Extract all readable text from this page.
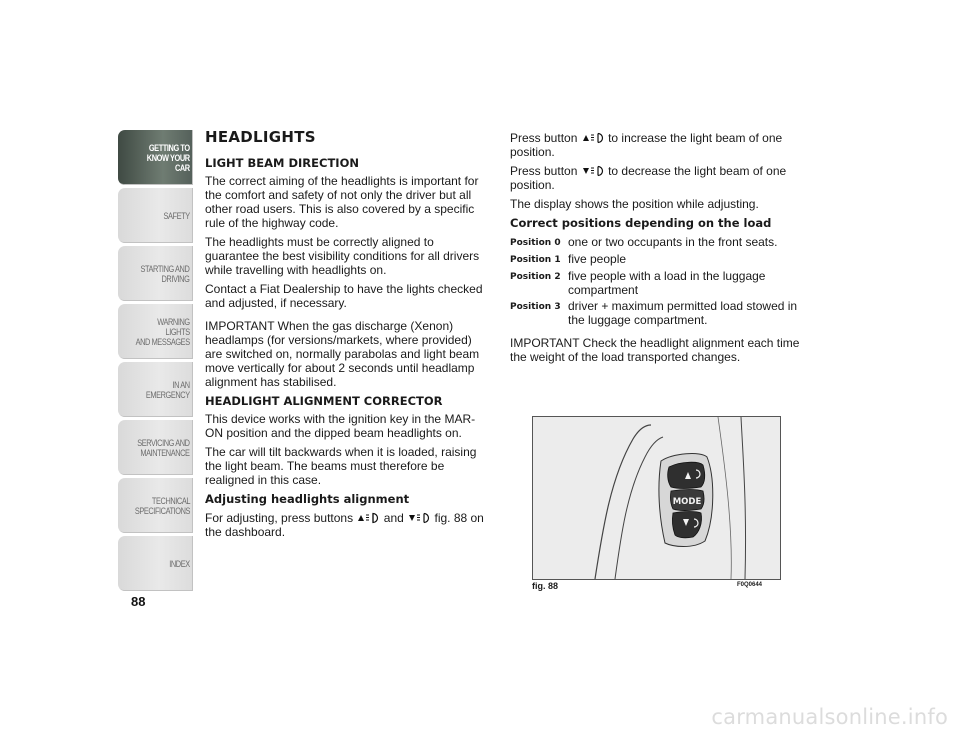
GETTING TO
KNOW YOUR CAR
SAFETY
STARTING AND
DRIVING
WARNING LIGHTS
AND MESSAGES
IN AN EMERGENCY
SERVICING AND
MAINTENANCE
TECHNICAL
SPECIFICATIONS
INDEX
88
HEADLIGHTS
LIGHT BEAM DIRECTION

The correct aiming of the headlights is important for the comfort and safety of not only the driver but all other road users. This is also covered by a specific rule of the highway code.

The headlights must be correctly aligned to guarantee the best visibility conditions for all drivers while travelling with headlights on.

Contact a Fiat Dealership to have the lights checked and adjusted, if necessary.

IMPORTANT When the gas discharge (Xenon) headlamps (for versions/markets, where provided) are switched on, normally parabolas and light beam move vertically for about 2 seconds until headlamp alignment has stabilised.

HEADLIGHT ALIGNMENT CORRECTOR

This device works with the ignition key in the MAR-ON position and the dipped beam headlights on.

The car will tilt backwards when it is loaded, raising the light beam. The beams must therefore be realigned in this case.

Adjusting headlights alignment

For adjusting, press buttons	and	fig. 88 on the dashboard.

Press button	to increase the light beam of one position.

Press button	to decrease the light beam of one position.

The display shows the position while adjusting.

Correct positions depending on the load
Position 0 one or two occupants in the front seats.
Position 1 five people
Position 2 five people with a load in the luggage compartment
Position 3 driver + maximum permitted load stowed in the luggage compartment.

IMPORTANT Check the headlight alignment each time the weight of the load transported changes.

MODE
fig. 88	F0Q0644
carmanualsonline.info
